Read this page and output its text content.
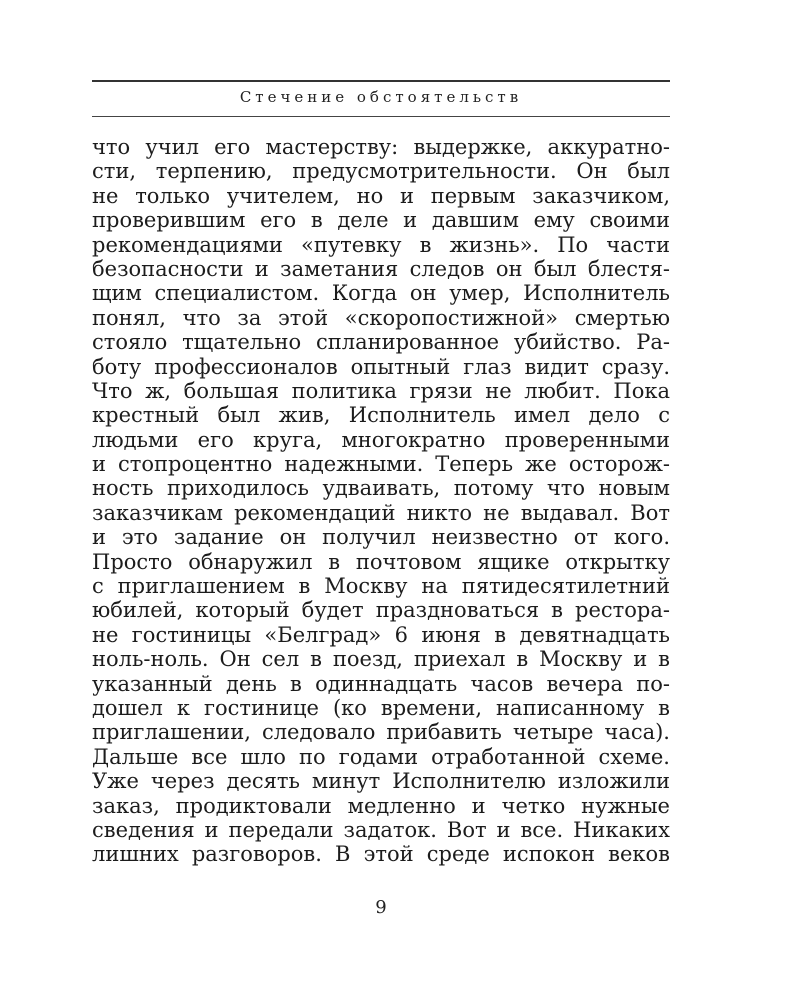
Стечение обстоятельств
что учил его мастерству: выдержке, аккуратно-
сти, терпению, предусмотрительности. Он был
не только учителем, но и первым заказчиком,
проверившим его в деле и давшим ему своими
рекомендациями «путевку в жизнь». По части
безопасности и заметания следов он был блестя-
щим специалистом. Когда он умер, Исполнитель
понял, что за этой «скоропостижной» смертью
стояло тщательно спланированное убийство. Ра-
боту профессионалов опытный глаз видит сразу.
Что ж, большая политика грязи не любит. Пока
крестный был жив, Исполнитель имел дело с
людьми его круга, многократно проверенными
и стопроцентно надежными. Теперь же осторож-
ность приходилось удваивать, потому что новым
заказчикам рекомендаций никто не выдавал. Вот
и это задание он получил неизвестно от кого.
Просто обнаружил в почтовом ящике открытку
с приглашением в Москву на пятидесятилетний
юбилей, который будет праздноваться в рестора-
не гостиницы «Белград» 6 июня в девятнадцать
ноль-ноль. Он сел в поезд, приехал в Москву и в
указанный день в одиннадцать часов вечера по-
дошел к гостинице (ко времени, написанному в
приглашении, следовало прибавить четыре часа).
Дальше все шло по годами отработанной схеме.
Уже через десять минут Исполнителю изложили
заказ, продиктовали медленно и четко нужные
сведения и передали задаток. Вот и все. Никаких
лишних разговоров. В этой среде испокон веков
9
